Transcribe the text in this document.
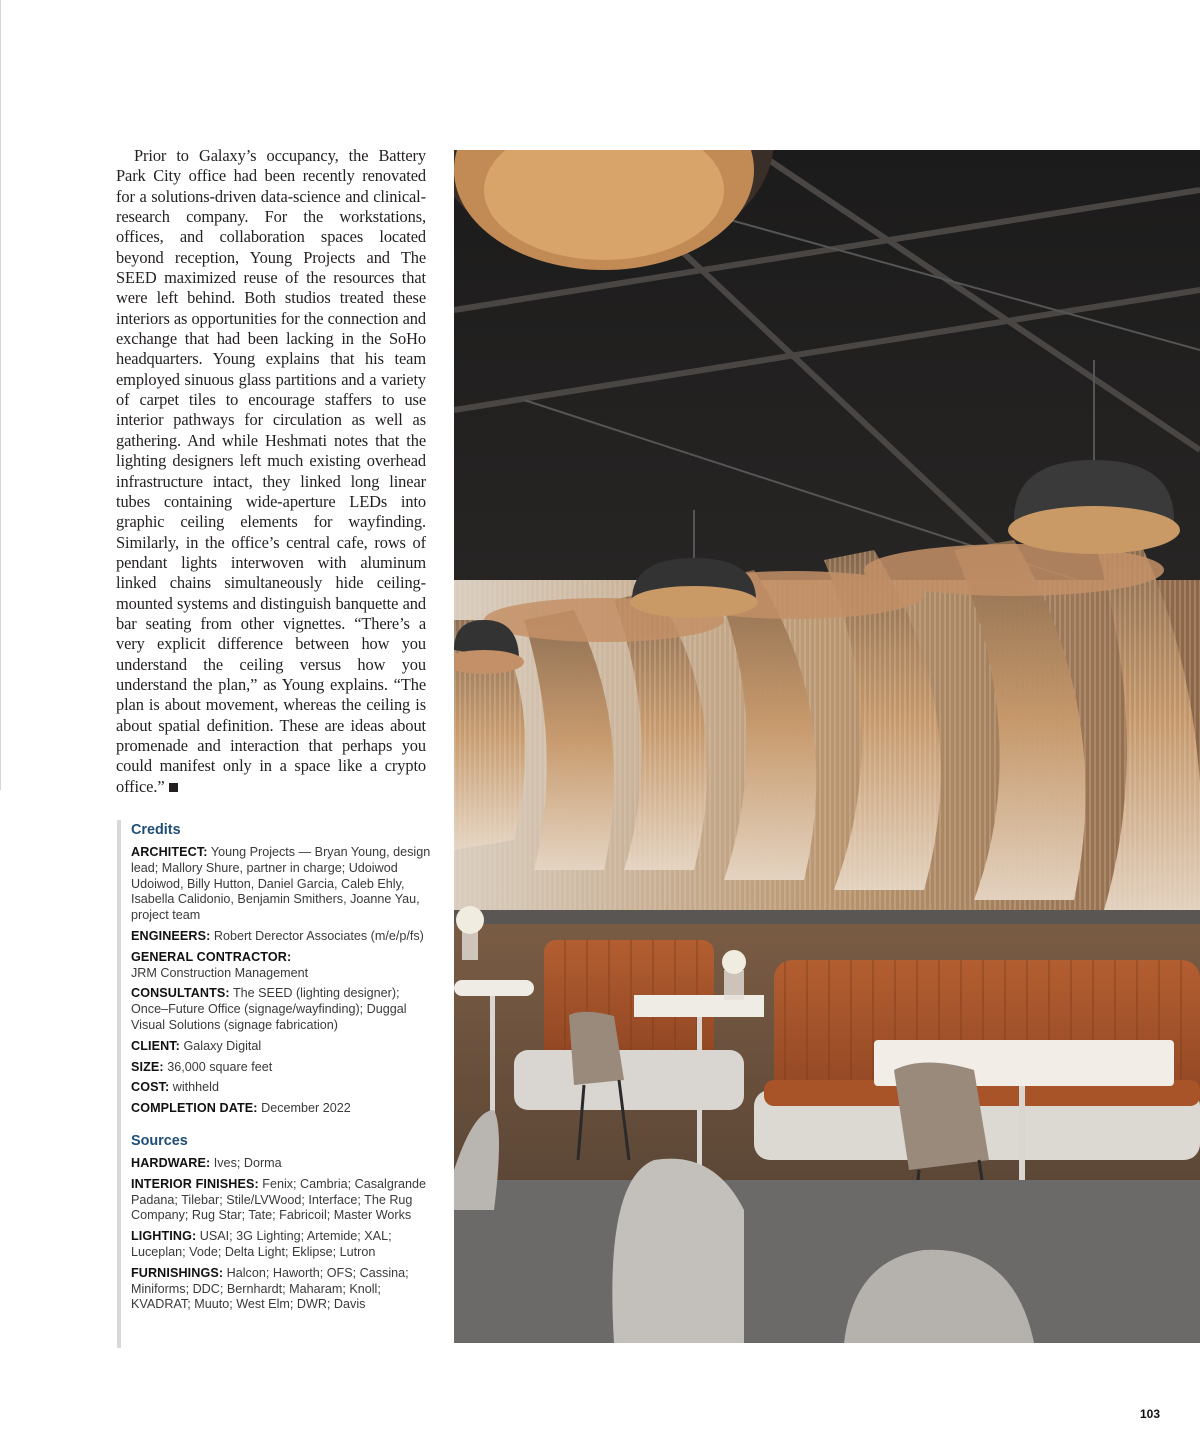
Prior to Galaxy’s occupancy, the Battery Park City office had been recently renovated for a solutions-driven data-science and clinical-research company. For the workstations, offices, and collaboration spaces located beyond reception, Young Projects and The SEED maximized reuse of the resources that were left behind. Both studios treated these interiors as opportunities for the connection and exchange that had been lacking in the SoHo headquarters. Young explains that his team employed sinuous glass partitions and a variety of carpet tiles to encourage staffers to use interior pathways for circulation as well as gathering. And while Heshmati notes that the lighting designers left much existing overhead infrastructure intact, they linked long linear tubes containing wide-aperture LEDs into graphic ceiling elements for wayfinding. Similarly, in the office’s central cafe, rows of pendant lights interwoven with aluminum linked chains simultaneously hide ceiling-mounted systems and distinguish banquette and bar seating from other vignettes. “There’s a very explicit difference between how you understand the ceiling versus how you understand the plan,” as Young explains. “The plan is about movement, whereas the ceiling is about spatial definition. These are ideas about promenade and interaction that perhaps you could manifest only in a space like a crypto office.”

Credits
ARCHITECT: Young Projects — Bryan Young, design lead; Mallory Shure, partner in charge; Udoiwod Udoiwod, Billy Hutton, Daniel Garcia, Caleb Ehly, Isabella Calidonio, Benjamin Smithers, Joanne Yau, project team
ENGINEERS: Robert Derector Associates (m/e/p/fs)
GENERAL CONTRACTOR:
JRM Construction Management
CONSULTANTS: The SEED (lighting designer); Once–Future Office (signage/wayfinding); Duggal Visual Solutions (signage fabrication)
CLIENT: Galaxy Digital
SIZE: 36,000 square feet
COST: withheld
COMPLETION DATE: December 2022
Sources
HARDWARE: Ives; Dorma
INTERIOR FINISHES: Fenix; Cambria; Casalgrande Padana; Tilebar; Stile/LVWood; Interface; The Rug Company; Rug Star; Tate; Fabricoil; Master Works
LIGHTING: USAI; 3G Lighting; Artemide; XAL; Luceplan; Vode; Delta Light; Eklipse; Lutron
FURNISHINGS: Halcon; Haworth; OFS; Cassina; Miniforms; DDC; Bernhardt; Maharam; Knoll; KVADRAT; Muuto; West Elm; DWR; Davis
103
